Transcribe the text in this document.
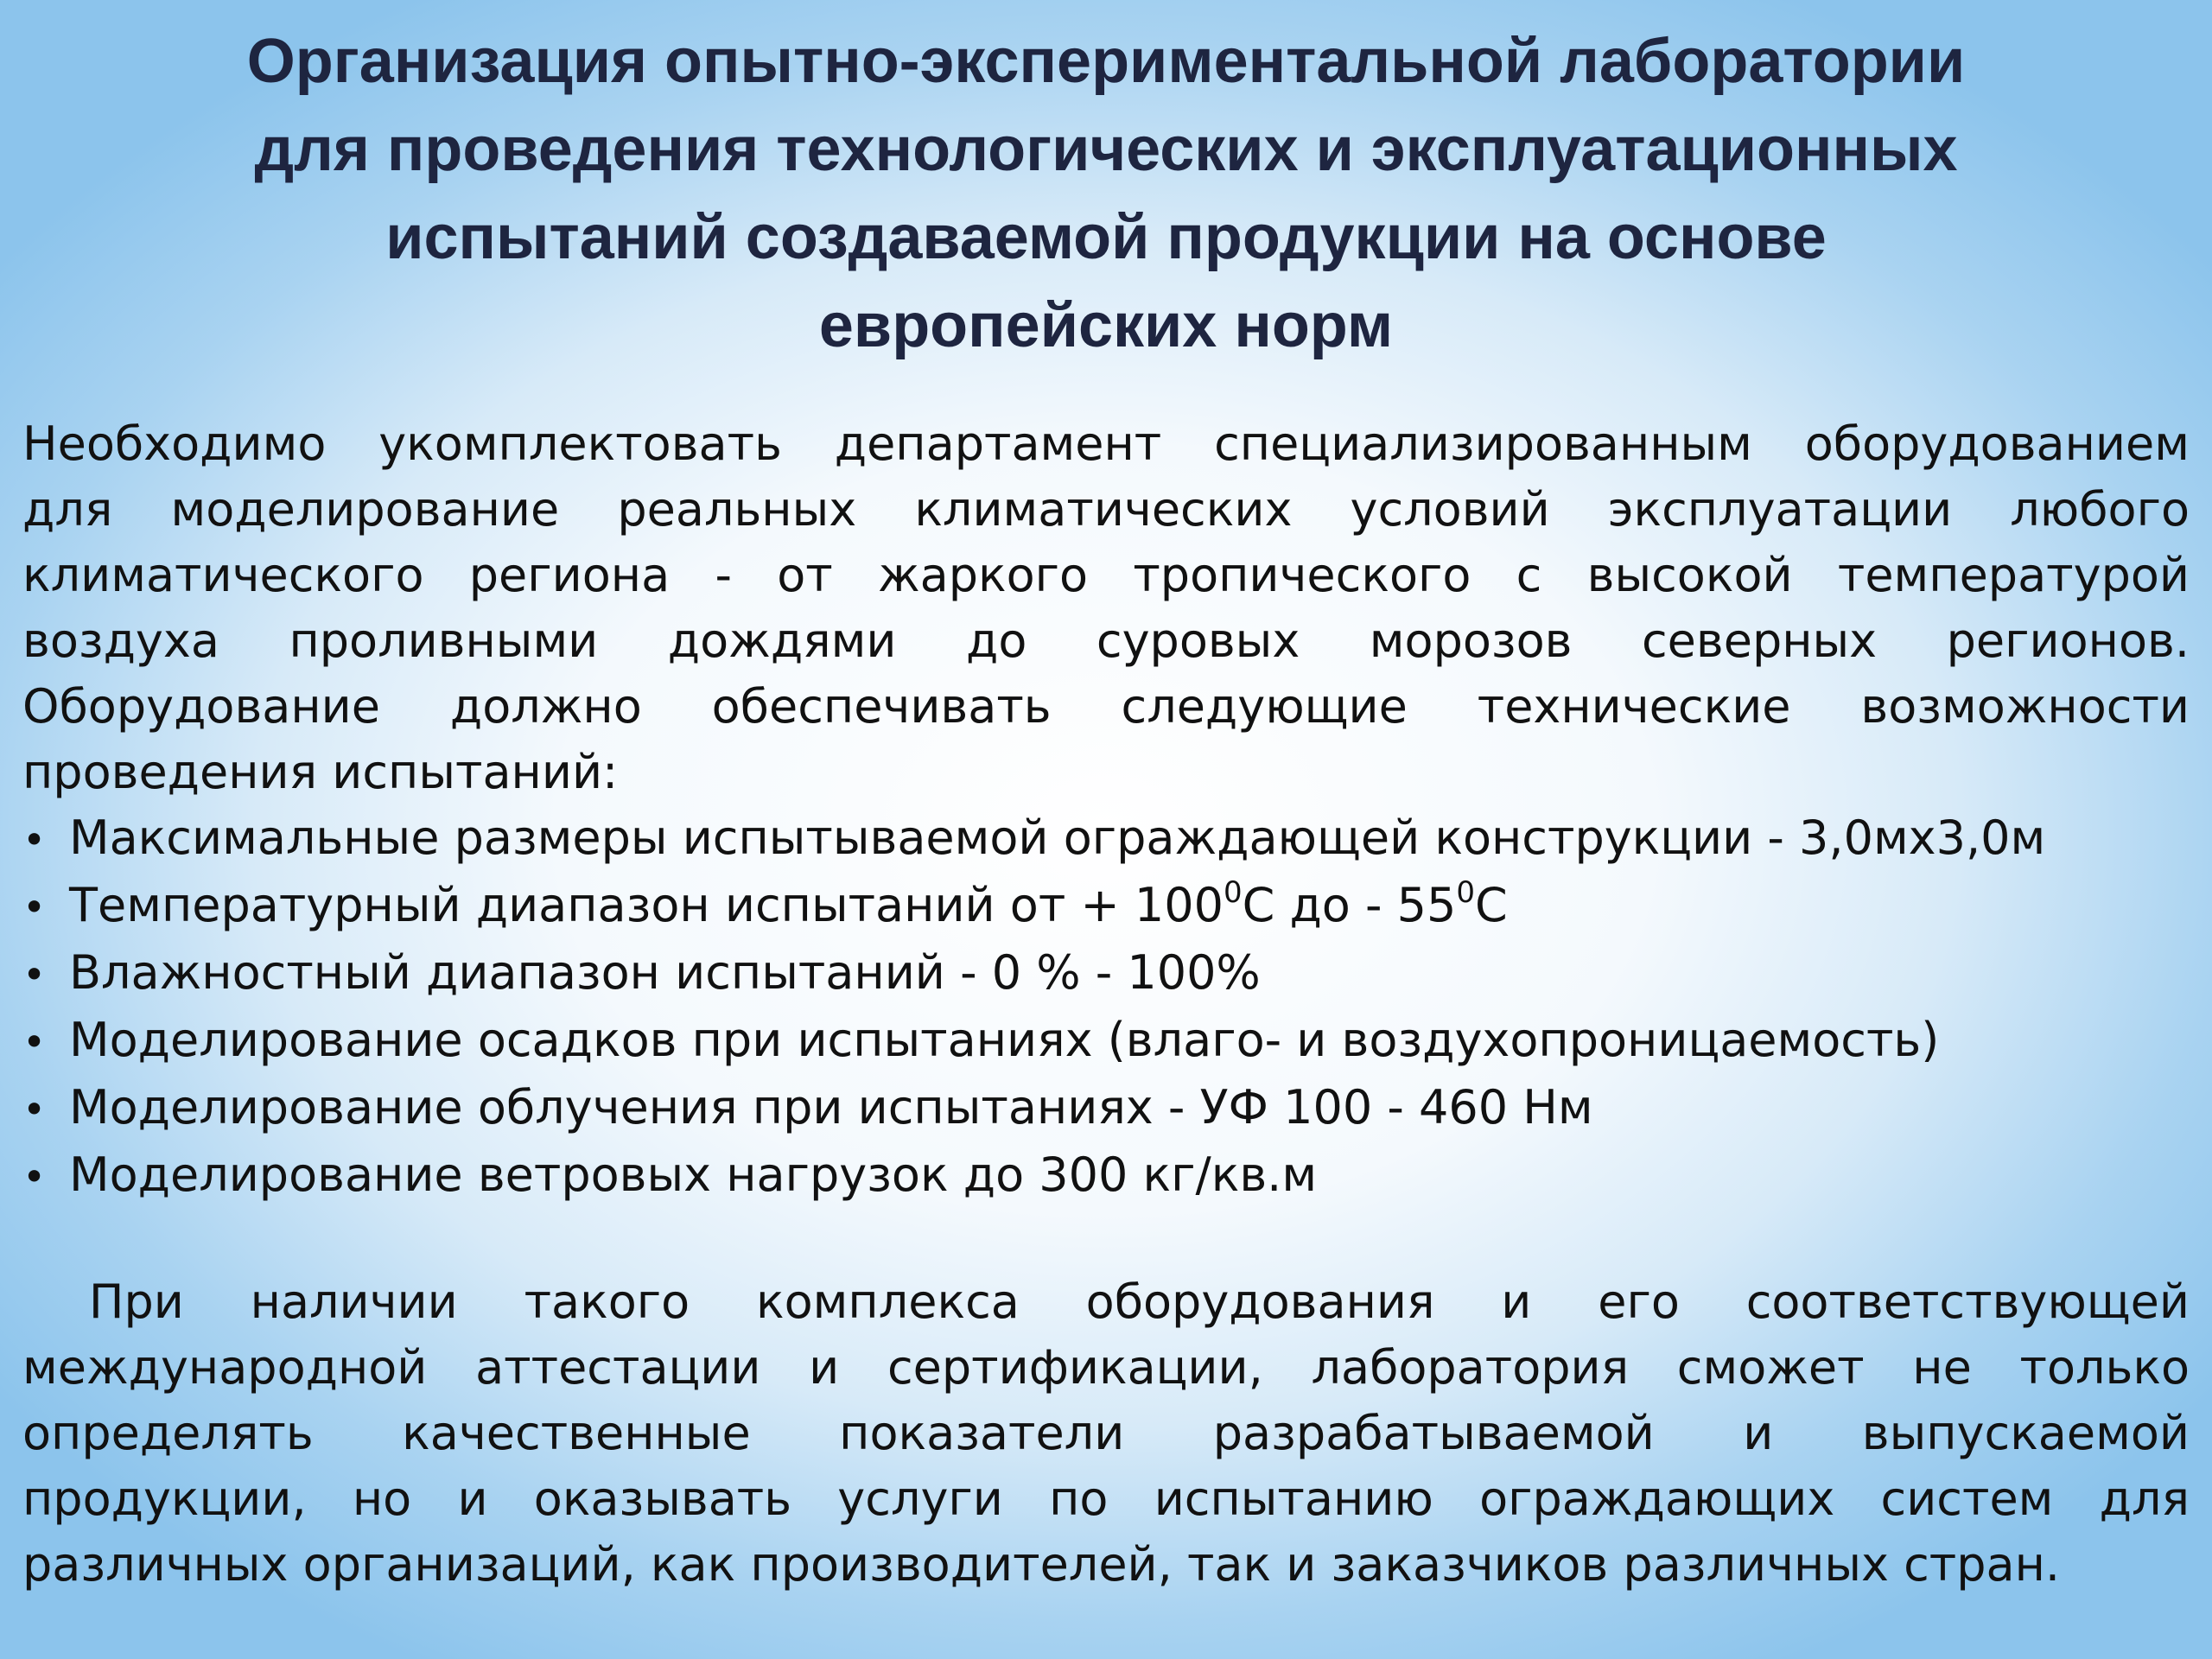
Организация опытно-экспериментальной лаборатории
для проведения технологических и эксплуатационных
испытаний создаваемой продукции на основе
европейских норм
Необходимо укомплектовать департамент специализированным оборудованием
для моделирование реальных климатических условий эксплуатации любого
климатического региона - от жаркого тропического с высокой температурой
воздуха проливными дождями до суровых морозов северных регионов.
Оборудование должно обеспечивать следующие технические возможности
проведения испытаний:
• Максимальные размеры испытываемой ограждающей конструкции - 3,0мх3,0м
• Температурный диапазон испытаний от + $100^0С$ до - $55^0С$
• Влажностный диапазон испытаний - 0 % - 100%
• Моделирование осадков при испытаниях (влаго- и воздухопроницаемость)
• Моделирование облучения при испытаниях - УФ 100 - 460 Нм
• Моделирование ветровых нагрузок до 300 кг/кв.м
При наличии такого комплекса оборудования и его соответствующей
международной аттестации и сертификации, лаборатория сможет не только
определять качественные показатели разрабатываемой и выпускаемой
продукции, но и оказывать услуги по испытанию ограждающих систем для
различных организаций, как производителей, так и заказчиков различных стран.
